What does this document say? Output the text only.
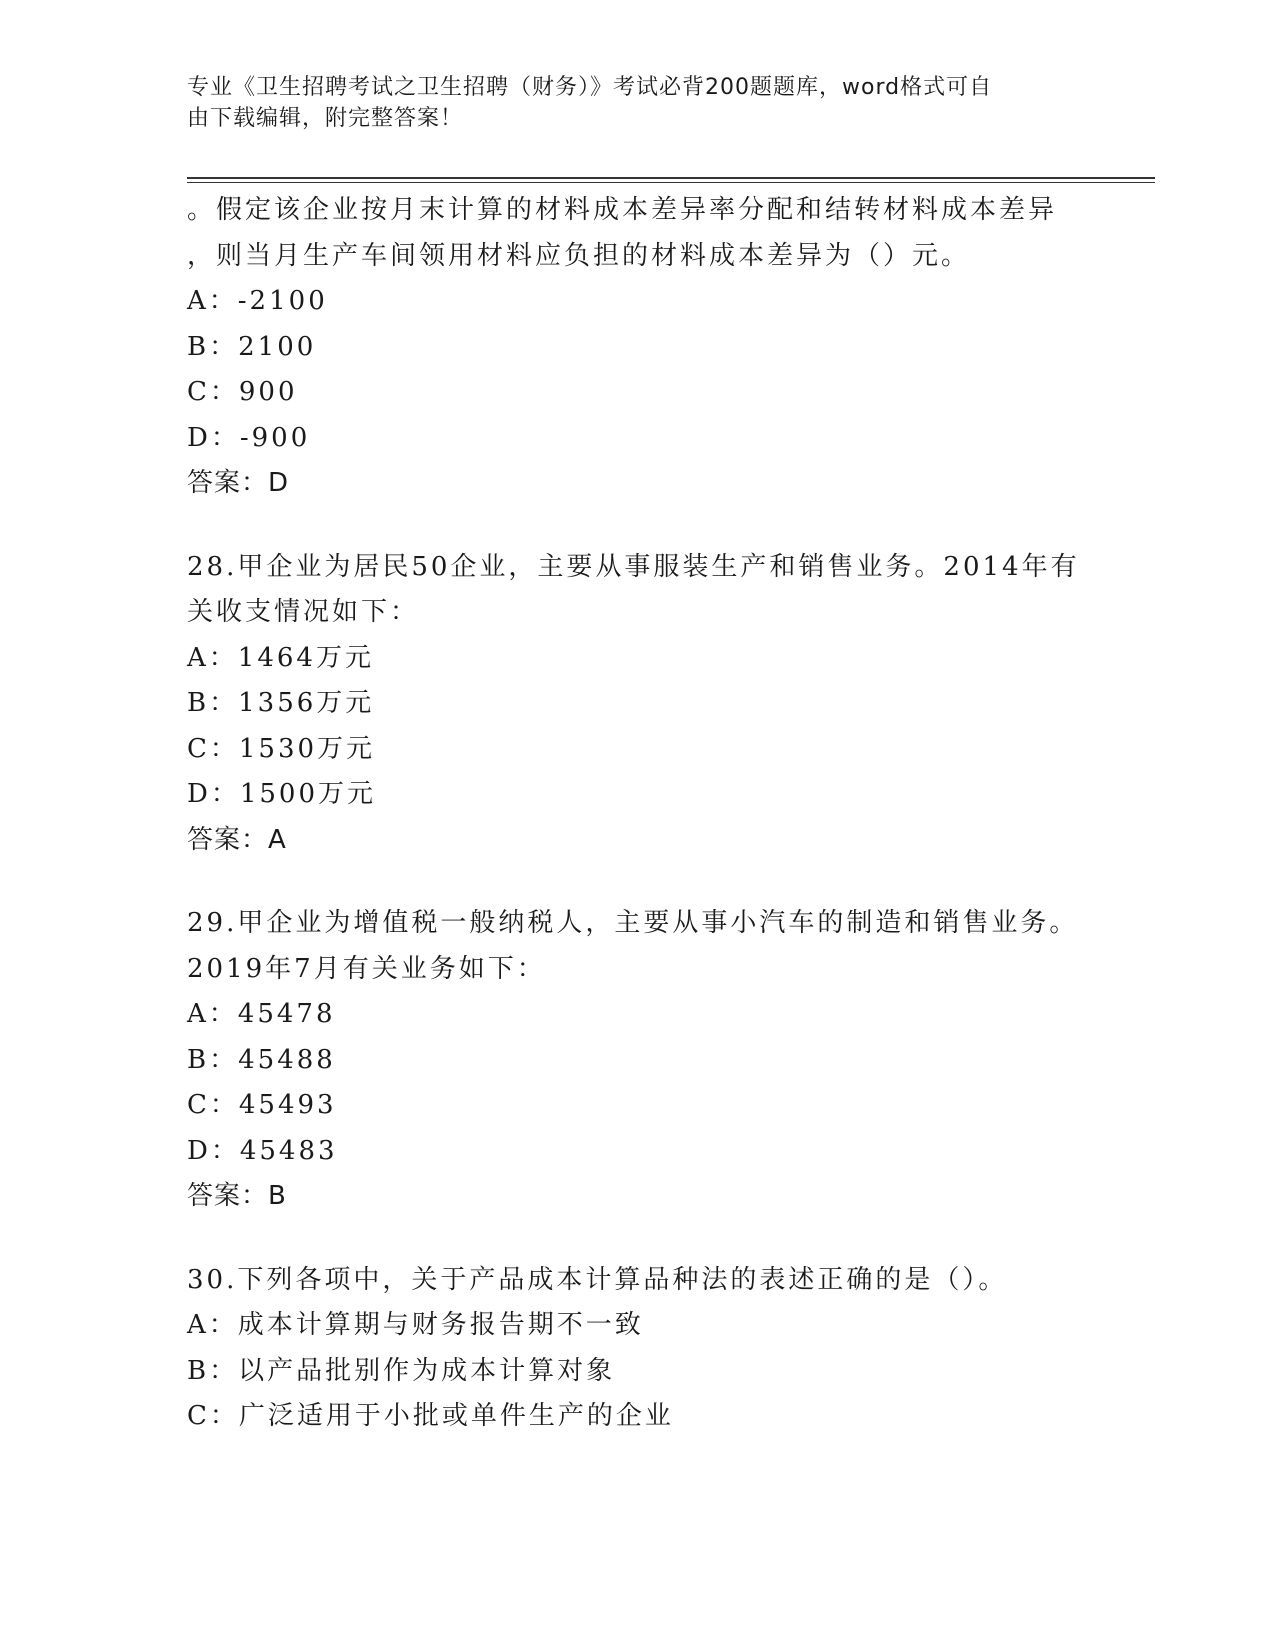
专业《卫生招聘考试之卫生招聘（财务）》考试必背200题题库，word格式可自
由下载编辑，附完整答案！
。假定该企业按月末计算的材料成本差异率分配和结转材料成本差异
，则当月生产车间领用材料应负担的材料成本差异为（）元。
A：-2100
B：2100
C：900
D：-900
答案：D
28.甲企业为居民50企业，主要从事服装生产和销售业务。2014年有
关收支情况如下：
A：1464万元
B：1356万元
C：1530万元
D：1500万元
答案：A
29.甲企业为增值税一般纳税人，主要从事小汽车的制造和销售业务。
2019年7月有关业务如下：
A：45478
B：45488
C：45493
D：45483
答案：B
30.下列各项中，关于产品成本计算品种法的表述正确的是（）。
A：成本计算期与财务报告期不一致
B：以产品批别作为成本计算对象
C：广泛适用于小批或单件生产的企业
